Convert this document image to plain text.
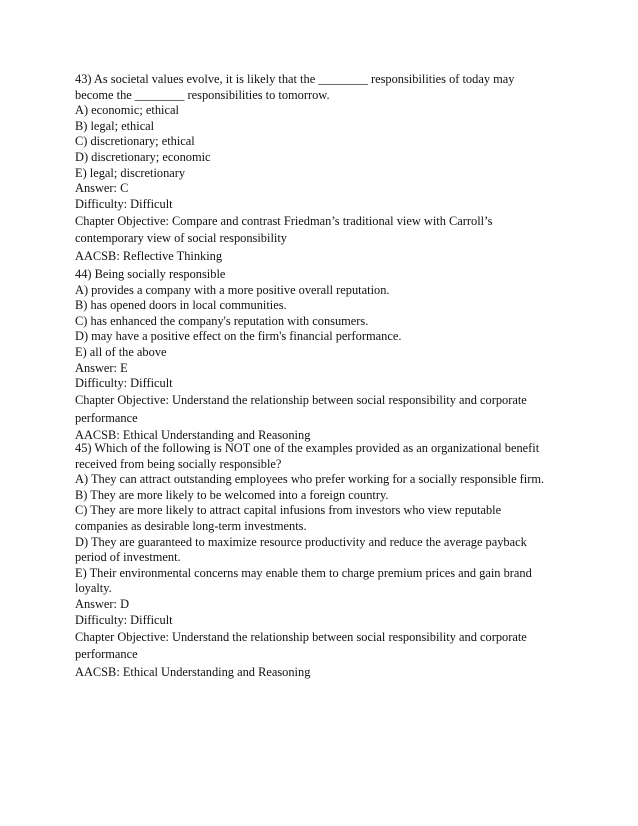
43) As societal values evolve, it is likely that the ________ responsibilities of today may become the ________ responsibilities to tomorrow.
A) economic; ethical
B) legal; ethical
C) discretionary; ethical
D) discretionary; economic
E) legal; discretionary
Answer: C
Difficulty: Difficult
Chapter Objective: Compare and contrast Friedman’s traditional view with Carroll’s contemporary view of social responsibility
AACSB: Reflective Thinking
44) Being socially responsible
A) provides a company with a more positive overall reputation.
B) has opened doors in local communities.
C) has enhanced the company's reputation with consumers.
D) may have a positive effect on the firm's financial performance.
E) all of the above
Answer: E
Difficulty: Difficult
Chapter Objective: Understand the relationship between social responsibility and corporate performance
AACSB: Ethical Understanding and Reasoning
45) Which of the following is NOT one of the examples provided as an organizational benefit received from being socially responsible?
A) They can attract outstanding employees who prefer working for a socially responsible firm.
B) They are more likely to be welcomed into a foreign country.
C) They are more likely to attract capital infusions from investors who view reputable companies as desirable long-term investments.
D) They are guaranteed to maximize resource productivity and reduce the average payback period of investment.
E) Their environmental concerns may enable them to charge premium prices and gain brand loyalty.
Answer: D
Difficulty: Difficult
Chapter Objective: Understand the relationship between social responsibility and corporate performance
AACSB: Ethical Understanding and Reasoning
